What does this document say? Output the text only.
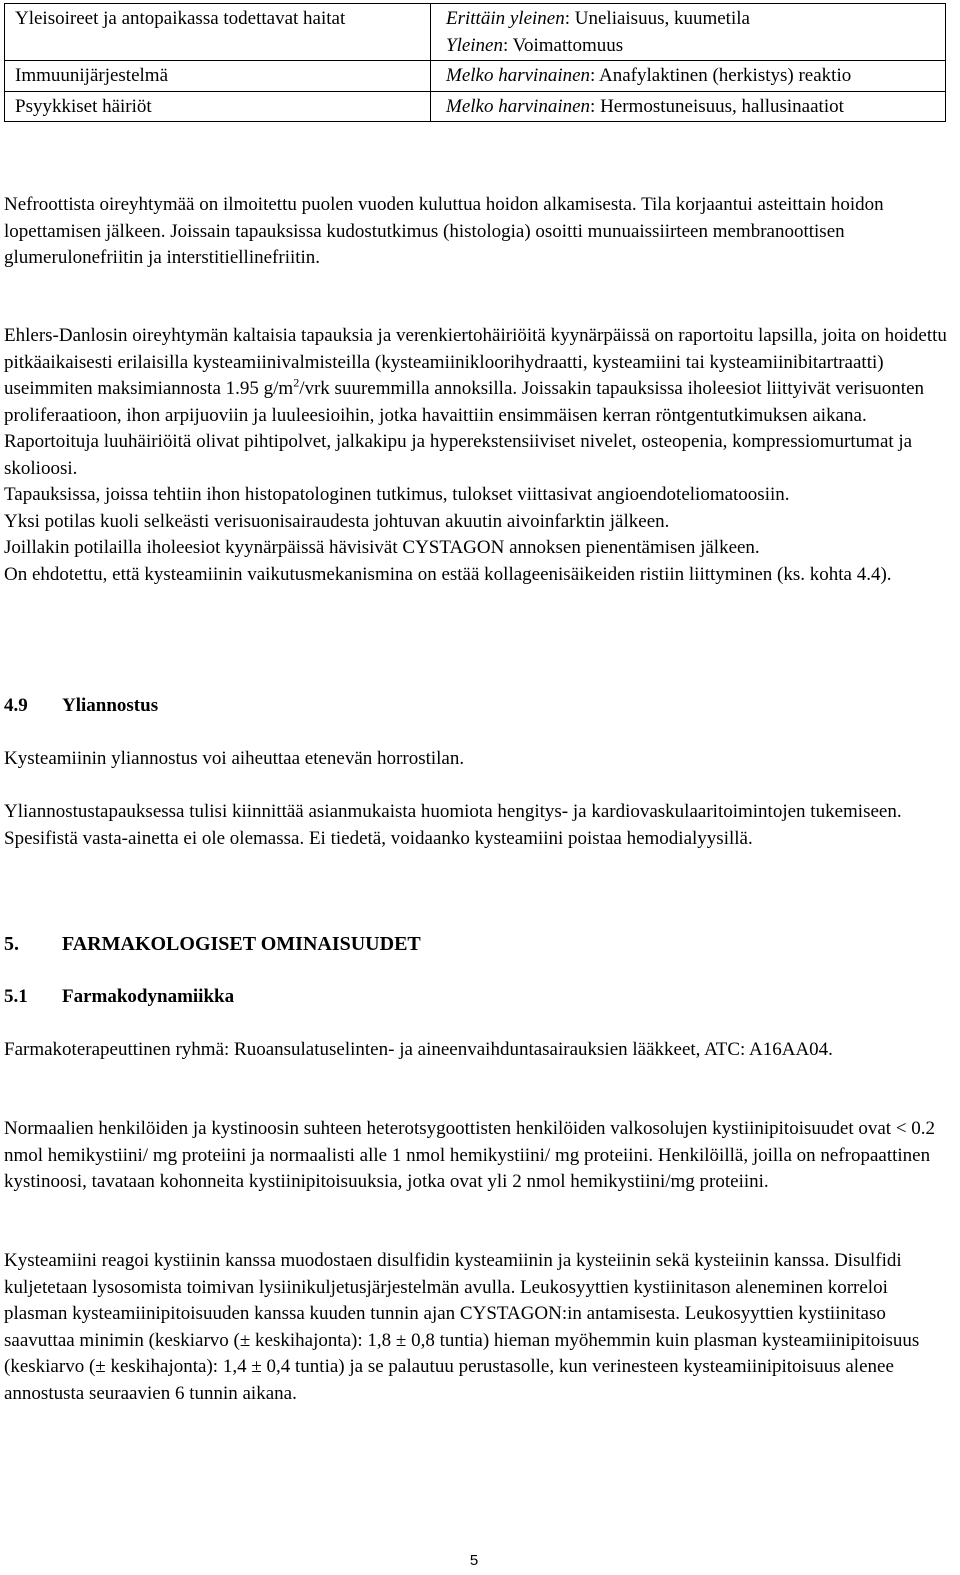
Yleisoireet ja antopaikassa todettavat haitat	Erittäin yleinen: Uneliaisuus, kuumetila
Yleinen: Voimattomuus

Immuunijärjestelmä	Melko harvinainen: Anafylaktinen (herkistys) reaktio

Psyykkiset häiriöt	Melko harvinainen: Hermostuneisuus, hallusinaatiot

Nefroottista oireyhtymää on ilmoitettu puolen vuoden kuluttua hoidon alkamisesta. Tila korjaantui asteittain hoidon lopettamisen jälkeen. Joissain tapauksissa kudostutkimus (histologia) osoitti munuaissiirteen membranoottisen glumerulonefriitin ja interstitiellinefriitin.

Ehlers-Danlosin oireyhtymän kaltaisia tapauksia ja verenkiertohäiriöitä kyynärpäissä on raportoitu lapsilla, joita on hoidettu pitkäaikaisesti erilaisilla kysteamiinivalmisteilla (kysteamiinikloorihydraatti, kysteamiini tai kysteamiinibitartraatti) useimmiten maksimiannosta 1.95 $g/m^2$/vrk suuremmilla annoksilla. Joissakin tapauksissa iholeesiot liittyivät verisuonten proliferaatioon, ihon arpijuoviin ja luuleesioihin, jotka havaittiin ensimmäisen kerran röntgentutkimuksen aikana. Raportoituja luuhäiriöitä olivat pihtipolvet, jalkakipu ja hyperekstensiiviset nivelet, osteopenia, kompressiomurtumat ja skolioosi.
Tapauksissa, joissa tehtiin ihon histopatologinen tutkimus, tulokset viittasivat angioendoteliomatoosiin.
Yksi potilas kuoli selkeästi verisuonisairaudesta johtuvan akuutin aivoinfarktin jälkeen.
Joillakin potilailla iholeesiot kyynärpäissä hävisivät CYSTAGON annoksen pienentämisen jälkeen.
On ehdotettu, että kysteamiinin vaikutusmekanismina on estää kollageenisäikeiden ristiin liittyminen (ks. kohta 4.4).
4.9 Yliannostus

Kysteamiinin yliannostus voi aiheuttaa etenevän horrostilan.

Yliannostustapauksessa tulisi kiinnittää asianmukaista huomiota hengitys- ja kardiovaskulaaritoimintojen tukemiseen. Spesifistä vasta-ainetta ei ole olemassa. Ei tiedetä, voidaanko kysteamiini poistaa hemodialyysillä.

5. FARMAKOLOGISET OMINAISUUDET
5.1 Farmakodynamiikka

Farmakoterapeuttinen ryhmä: Ruoansulatuselinten- ja aineenvaihduntasairauksien lääkkeet, ATC: A16AA04.

Normaalien henkilöiden ja kystinoosin suhteen heterotsygoottisten henkilöiden valkosolujen kystiinipitoisuudet ovat < 0.2 nmol hemikystiini/ mg proteiini ja normaalisti alle 1 nmol hemikystiini/ mg proteiini. Henkilöillä, joilla on nefropaattinen kystinoosi, tavataan kohonneita kystiinipitoisuuksia, jotka ovat yli 2 nmol hemikystiini/mg proteiini.

Kysteamiini reagoi kystiinin kanssa muodostaen disulfidin kysteamiinin ja kysteiinin sekä kysteiinin kanssa. Disulfidi kuljetetaan lysosomista toimivan lysiinikuljetusjärjestelmän avulla. Leukosyyttien kystiinitason aleneminen korreloi plasman kysteamiinipitoisuuden kanssa kuuden tunnin ajan CYSTAGON:in antamisesta. Leukosyyttien kystiinitaso saavuttaa minimin (keskiarvo (± keskihajonta): 1,8 ± 0,8 tuntia) hieman myöhemmin kuin plasman kysteamiinipitoisuus (keskiarvo (± keskihajonta): 1,4 ± 0,4 tuntia) ja se palautuu perustasolle, kun verinesteen kysteamiinipitoisuus alenee annostusta seuraavien 6 tunnin aikana.

5
